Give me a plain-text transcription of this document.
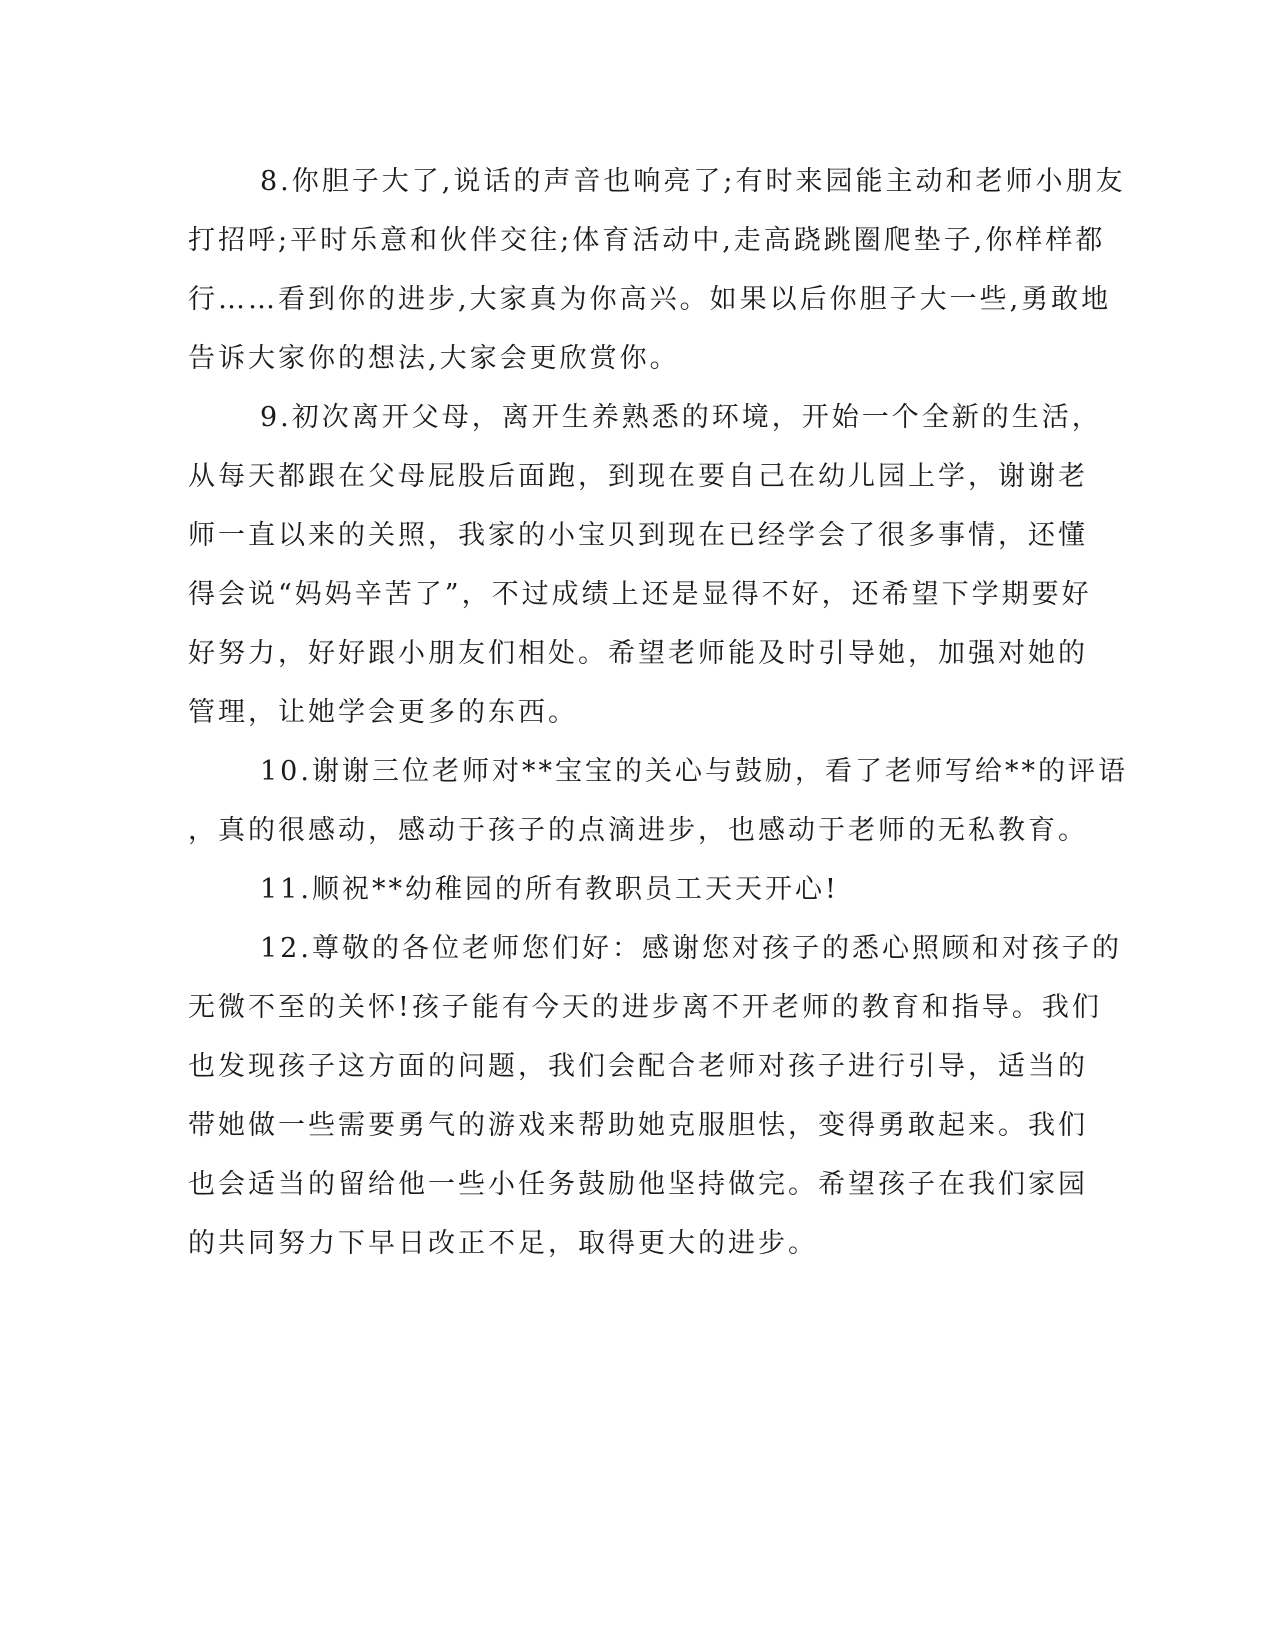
8.你胆子大了,说话的声音也响亮了;有时来园能主动和老师小朋友
打招呼;平时乐意和伙伴交往;体育活动中,走高跷跳圈爬垫子,你样样都
行……看到你的进步,大家真为你高兴。如果以后你胆子大一些,勇敢地
告诉大家你的想法,大家会更欣赏你。
9.初次离开父母，离开生养熟悉的环境，开始一个全新的生活，
从每天都跟在父母屁股后面跑，到现在要自己在幼儿园上学，谢谢老
师一直以来的关照，我家的小宝贝到现在已经学会了很多事情，还懂
得会说“妈妈辛苦了”，不过成绩上还是显得不好，还希望下学期要好
好努力，好好跟小朋友们相处。希望老师能及时引导她，加强对她的
管理，让她学会更多的东西。
10.谢谢三位老师对**宝宝的关心与鼓励，看了老师写给**的评语
，真的很感动，感动于孩子的点滴进步，也感动于老师的无私教育。
11.顺祝**幼稚园的所有教职员工天天开心!
12.尊敬的各位老师您们好：感谢您对孩子的悉心照顾和对孩子的
无微不至的关怀!孩子能有今天的进步离不开老师的教育和指导。我们
也发现孩子这方面的问题，我们会配合老师对孩子进行引导，适当的
带她做一些需要勇气的游戏来帮助她克服胆怯，变得勇敢起来。我们
也会适当的留给他一些小任务鼓励他坚持做完。希望孩子在我们家园
的共同努力下早日改正不足，取得更大的进步。
